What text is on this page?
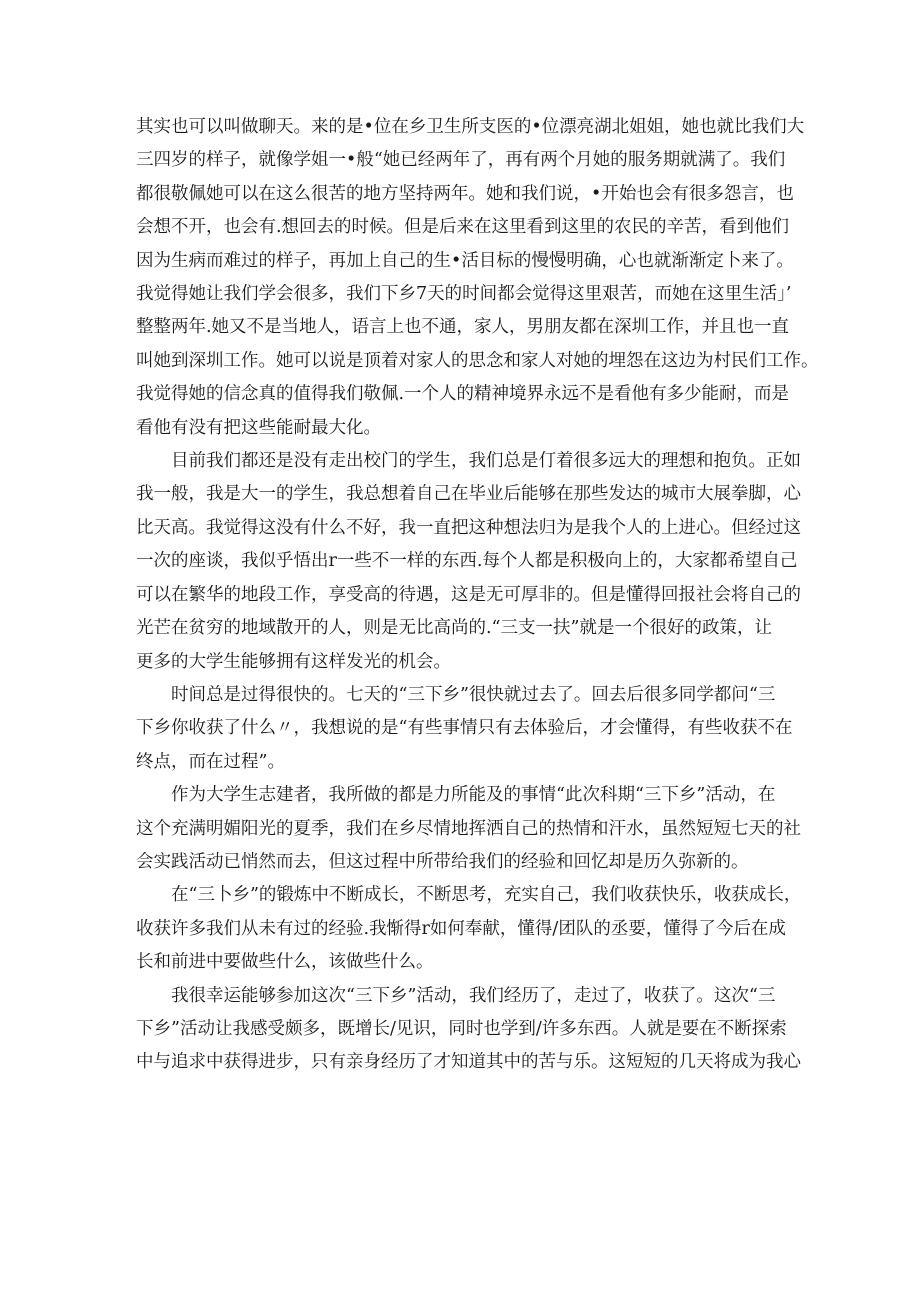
其实也可以叫做聊天。来的是•位在乡卫生所支医的•位漂亮湖北姐姐，她也就比我们大
三四岁的样子，就像学姐一•般“她已经两年了，再有两个月她的服务期就满了。我们
都很敬佩她可以在这么很苦的地方坚持两年。她和我们说，•开始也会有很多怨言，也
会想不开，也会有.想回去的时候。但是后来在这里看到这里的农民的辛苦，看到他们
因为生病而难过的样子，再加上自己的生•活目标的慢慢明确，心也就渐渐定卜来了。
我觉得她让我们学会很多，我们下乡7天的时间都会觉得这里艰苦，而她在这里生活」’
整整两年.她又不是当地人，语言上也不通，家人，男朋友都在深圳工作，并且也一直
叫她到深圳工作。她可以说是顶着对家人的思念和家人对她的埋怨在这边为村民们工作。
我觉得她的信念真的值得我们敬佩.一个人的精神境界永远不是看他有多少能耐，而是
看他有没有把这些能耐最大化。
目前我们都还是没有走出校门的学生，我们总是仃着很多远大的理想和抱负。正如
我一般，我是大一的学生，我总想着自己在毕业后能够在那些发达的城市大展拳脚，心
比天高。我觉得这没有什么不好，我一直把这种想法归为是我个人的上进心。但经过这
一次的座谈，我似乎悟出r一些不一样的东西.每个人都是积极向上的，大家都希望自己
可以在繁华的地段工作，享受高的待遇，这是无可厚非的。但是懂得回报社会将自己的
光芒在贫穷的地域散开的人，则是无比高尚的.“三支一扶”就是一个很好的政策，让
更多的大学生能够拥有这样发光的机会。
时间总是过得很快的。七天的“三下乡”很快就过去了。回去后很多同学都问“三
下乡你收获了什么〃，我想说的是“有些事情只有去体验后，才会懂得，有些收获不在
终点，而在过程”。
作为大学生志建者，我所做的都是力所能及的事情“此次科期“三下乡”活动，在
这个充满明媚阳光的夏季，我们在乡尽情地挥洒自己的热情和汗水，虽然短短七天的社
会实践活动已悄然而去，但这过程中所带给我们的经验和回忆却是历久弥新的。
在“三卜乡”的锻炼中不断成长，不断思考，充实自己，我们收获快乐，收获成长，
收获许多我们从未有过的经验.我惭得r如何奉献，懂得/团队的丞要，懂得了今后在成
长和前进中要做些什么，该做些什么。
我很幸运能够参加这次“三下乡”活动，我们经历了，走过了，收获了。这次“三
下乡”活动让我感受颇多，既增长/见识，同时也学到/许多东西。人就是要在不断探索
中与追求中获得进步，只有亲身经历了才知道其中的苦与乐。这短短的几天将成为我心
